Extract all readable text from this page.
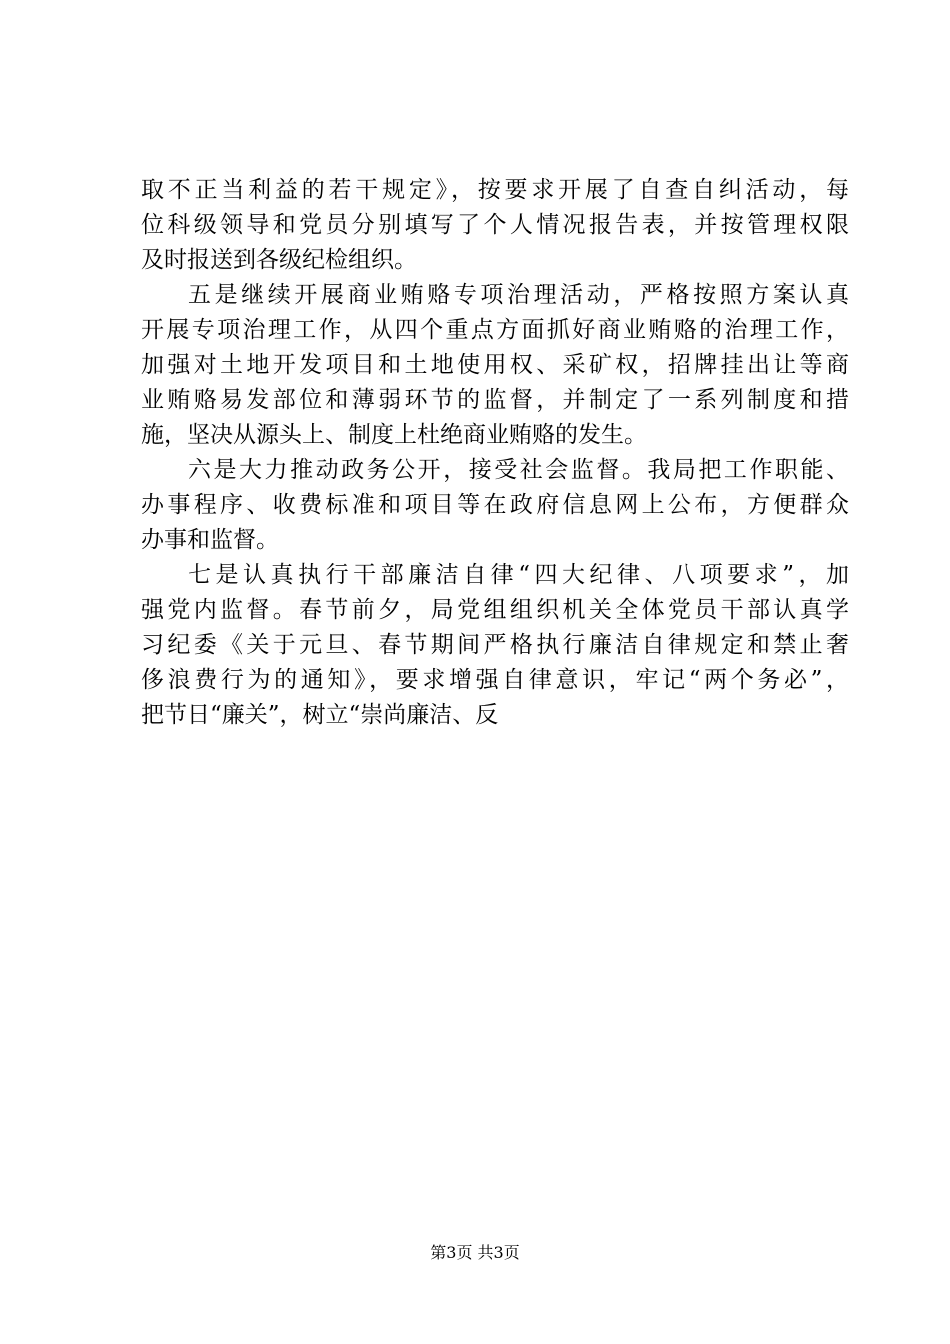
取不正当利益的若干规定》，按要求开展了自查自纠活动，每
位科级领导和党员分别填写了个人情况报告表，并按管理权限
及时报送到各级纪检组织。
五是继续开展商业贿赂专项治理活动，严格按照方案认真
开展专项治理工作，从四个重点方面抓好商业贿赂的治理工作，
加强对土地开发项目和土地使用权、采矿权，招牌挂出让等商
业贿赂易发部位和薄弱环节的监督，并制定了一系列制度和措
施，坚决从源头上、制度上杜绝商业贿赂的发生。
六是大力推动政务公开，接受社会监督。我局把工作职能、
办事程序、收费标准和项目等在政府信息网上公布，方便群众
办事和监督。
七是认真执行干部廉洁自律“四大纪律、八项要求”，加
强党内监督。春节前夕，局党组组织机关全体党员干部认真学
习纪委《关于元旦、春节期间严格执行廉洁自律规定和禁止奢
侈浪费行为的通知》，要求增强自律意识，牢记“两个务必”，
把节日“廉关”，树立“崇尚廉洁、反
第3页 共3页
